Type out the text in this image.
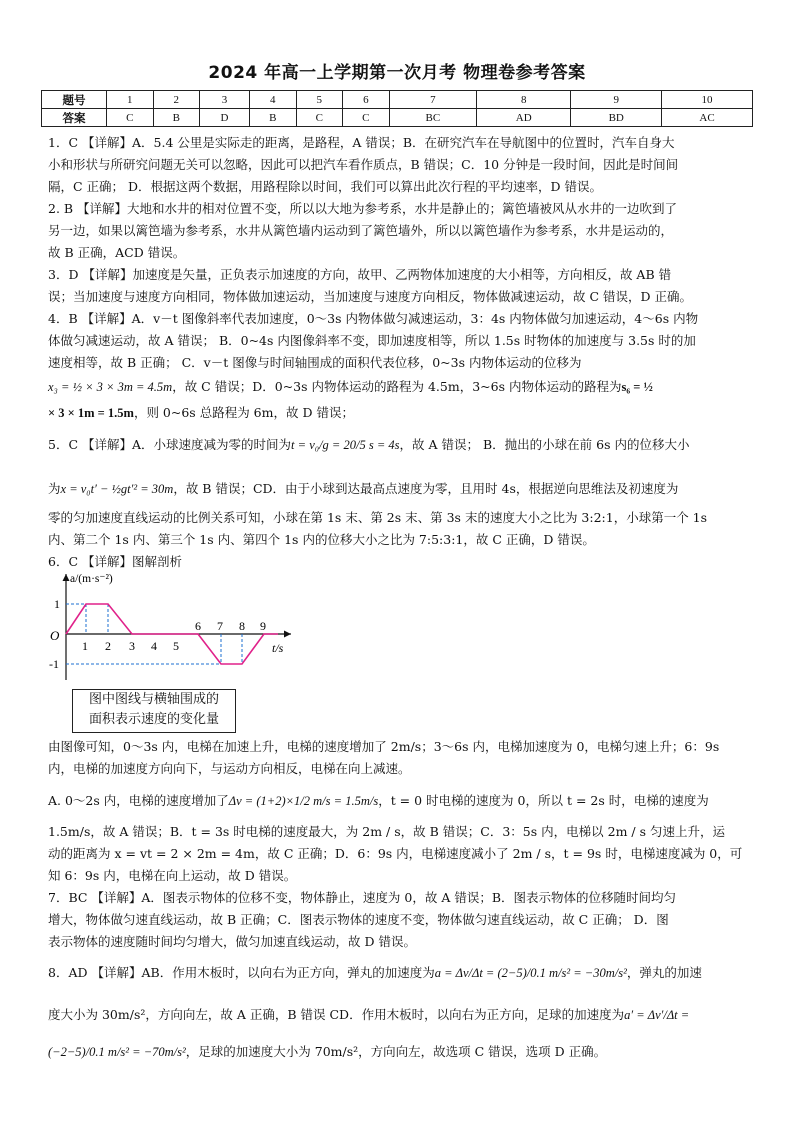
2024 年高一上学期第一次月考 物理卷参考答案
题号	1	2	3	4	5	6	7	8	9	10
答案	C	B	D	B	C	C	BC	AD	BD	AC
1．C 【详解】A．5.4 公里是实际走的距离，是路程，A 错误；B．在研究汽车在导航图中的位置时，汽车自身大
小和形状与所研究问题无关可以忽略，因此可以把汽车看作质点，B 错误；C．10 分钟是一段时间，因此是时间间
隔，C 正确； D．根据这两个数据，用路程除以时间，我们可以算出此次行程的平均速率，D 错误。
2. B 【详解】大地和水井的相对位置不变，所以以大地为参考系，水井是静止的；篱笆墙被风从水井的一边吹到了
另一边，如果以篱笆墙为参考系，水井从篱笆墙内运动到了篱笆墙外，所以以篱笆墙作为参考系，水井是运动的，
故 B 正确，ACD 错误。
3．D 【详解】加速度是矢量，正负表示加速度的方向，故甲、乙两物体加速度的大小相等，方向相反，故 AB 错
误；当加速度与速度方向相同，物体做加速运动，当加速度与速度方向相反，物体做减速运动，故 C 错误，D 正确。
4．B 【详解】A．v－t 图像斜率代表加速度，0～3s 内物体做匀减速运动，3：4s 内物体做匀加速运动，4～6s 内物
体做匀减速运动，故 A 错误； B．0~4s 内图像斜率不变，即加速度相等，所以 1.5s 时物体的加速度与 3.5s 时的加
速度相等，故 B 正确； C．v－t 图像与时间轴围成的面积代表位移，0~3s 内物体运动的位移为
x₃ = ½ × 3 × 3m = 4.5m，故 C 错误；D．0~3s 内物体运动的路程为 4.5m，3~6s 内物体运动的路程为s₆ = ½
× 3 × 1m = 1.5m，则 0~6s 总路程为 6m，故 D 错误；
5．C 【详解】A．小球速度减为零的时间为t = v₀/g = 20/5 s = 4s，故 A 错误； B．抛出的小球在前 6s 内的位移大小
为x = v₀t′ − ½gt′² = 30m，故 B 错误；CD．由于小球到达最高点速度为零，且用时 4s，根据逆向思维法及初速度为
零的匀加速度直线运动的比例关系可知，小球在第 1s 末、第 2s 末、第 3s 末的速度大小之比为 3:2:1，小球第一个 1s
内、第二个 1s 内、第三个 1s 内、第四个 1s 内的位移大小之比为 7:5:3:1，故 C 正确，D 错误。
6．C 【详解】图解剖析
a/(m·s⁻²)
t/s
O
1
-1
1 2 3 4 5
6 7 8 9
图中图线与横轴围成的
面积表示速度的变化量
由图像可知，0～3s 内，电梯在加速上升，电梯的速度增加了 2m/s；3～6s 内，电梯加速度为 0，电梯匀速上升；6：9s
内，电梯的加速度方向向下，与运动方向相反，电梯在向上减速。
A. 0～2s 内，电梯的速度增加了Δv = (1+2)×1/2 m/s = 1.5m/s，t = 0 时电梯的速度为 0，所以 t = 2s 时，电梯的速度为
1.5m/s，故 A 错误；B．t = 3s 时电梯的速度最大，为 2m / s，故 B 错误；C．3：5s 内，电梯以 2m / s 匀速上升，运
动的距离为 x = vt = 2 × 2m = 4m，故 C 正确；D．6：9s 内，电梯速度减小了 2m / s，t = 9s 时，电梯速度减为 0，可
知 6：9s 内，电梯在向上运动，故 D 错误。
7．BC 【详解】A．图表示物体的位移不变，物体静止，速度为 0，故 A 错误；B．图表示物体的位移随时间均匀
增大，物体做匀速直线运动，故 B 正确；C．图表示物体的速度不变，物体做匀速直线运动，故 C 正确； D．图
表示物体的速度随时间均匀增大，做匀加速直线运动，故 D 错误。
8．AD 【详解】AB．作用木板时，以向右为正方向，弹丸的加速度为a = Δv/Δt = (2−5)/0.1 m/s² = −30m/s²，弹丸的加速
度大小为 30m/s²，方向向左，故 A 正确，B 错误 CD．作用木板时，以向右为正方向，足球的加速度为a′ = Δv′/Δt =
(−2−5)/0.1 m/s² = −70m/s²，足球的加速度大小为 70m/s²，方向向左，故选项 C 错误，选项 D 正确。
